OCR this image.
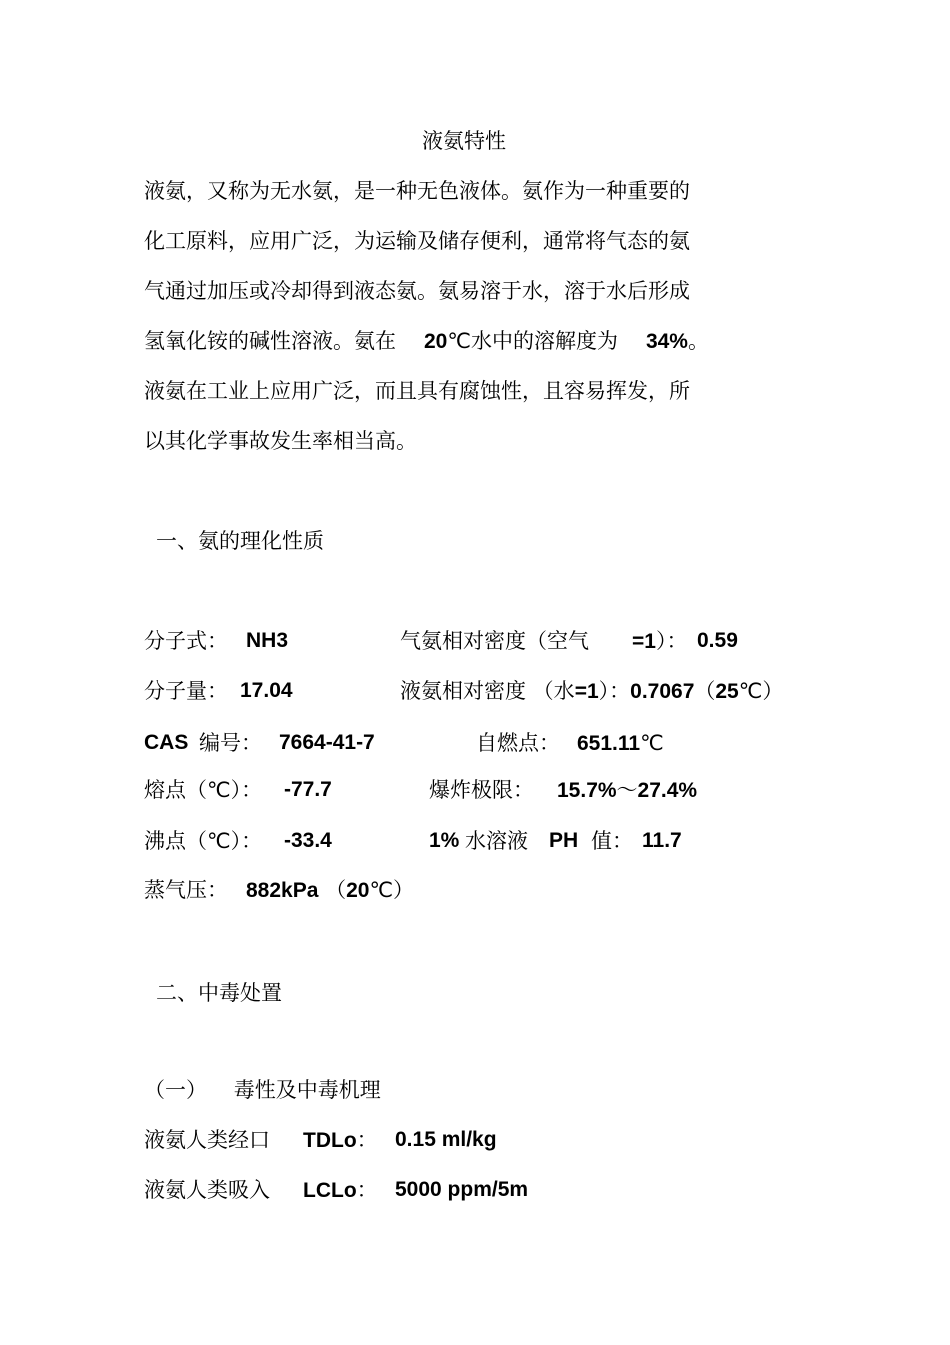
液氨特性
液氨，又称为无水氨，是一种无色液体。氨作为一种重要的
化工原料，应用广泛，为运输及储存便利，通常将气态的氨
气通过加压或冷却得到液态氨。氨易溶于水，溶于水后形成
氢氧化铵的碱性溶液。氨在 20℃水中的溶解度为 34%。
液氨在工业上应用广泛，而且具有腐蚀性，且容易挥发，所
以其化学事故发生率相当高。
一、氨的理化性质
分子式： NH3	气氨相对密度（空气 =1）： 0.59
分子量： 17.04	液氨相对密度 （水=1）：0.7067（25℃）
CAS 编号： 7664-41-7	自燃点： 651.11℃
熔点（℃）： -77.7	爆炸极限： 15.7%～27.4%
沸点（℃）： -33.4	1% 水溶液 PH 值： 11.7
蒸气压： 882kPa （20℃）
二、中毒处置
（一）    毒性及中毒机理
液氨人类经口 TDLo： 0.15 ml/kg
液氨人类吸入 LCLo： 5000 ppm/5m
